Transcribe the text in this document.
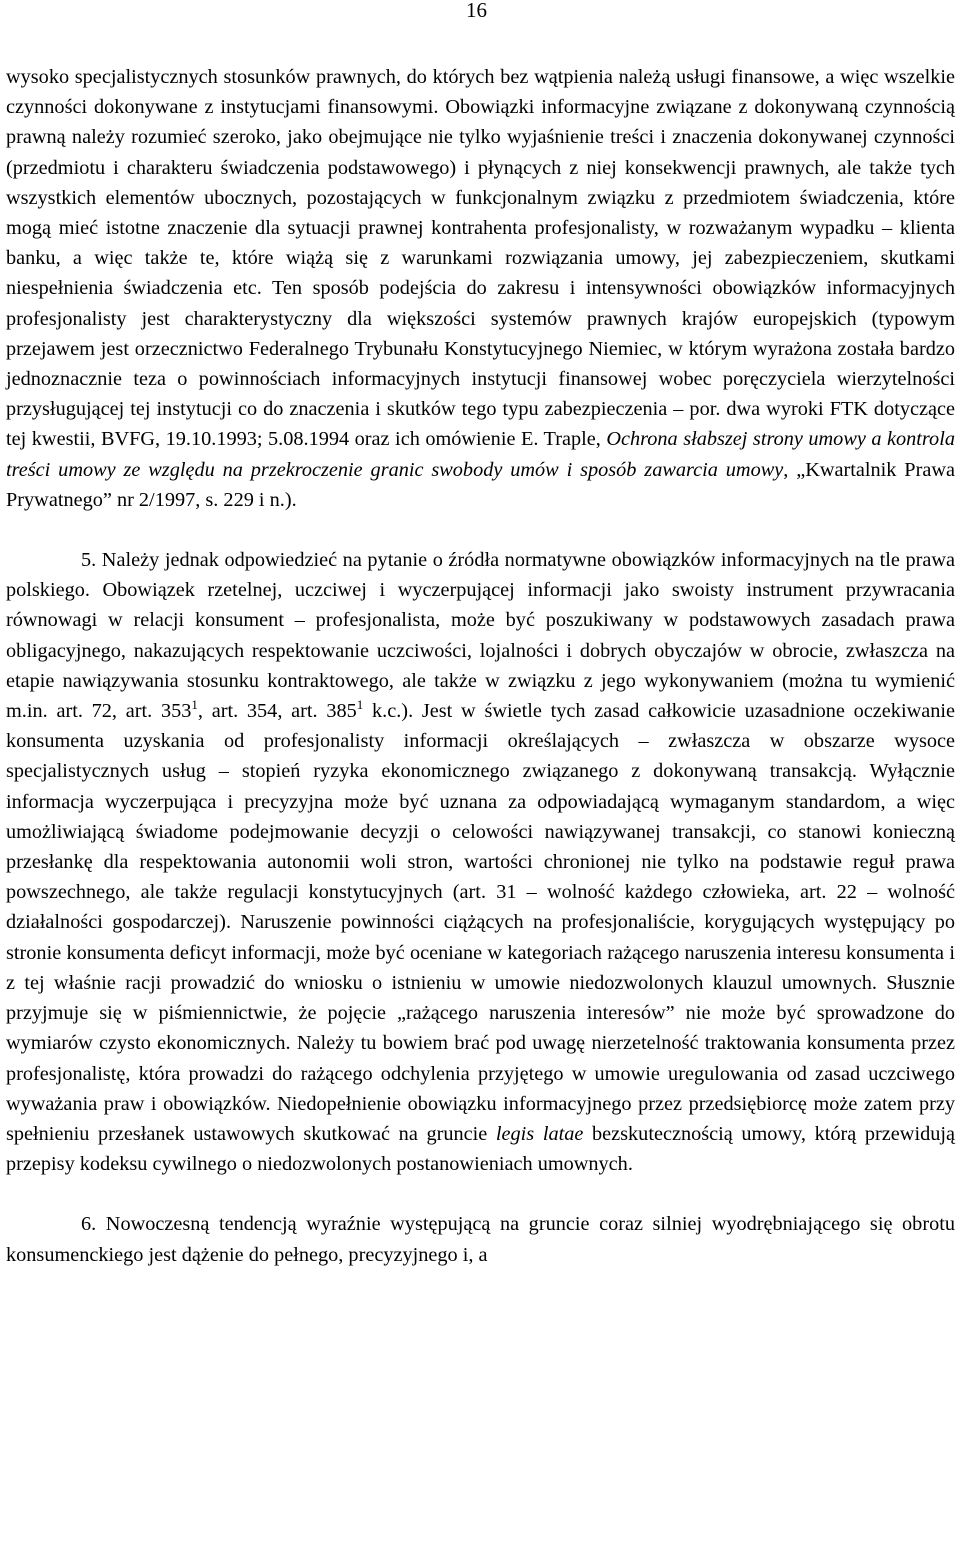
16

wysoko specjalistycznych stosunków prawnych, do których bez wątpienia należą usługi finansowe, a więc wszelkie czynności dokonywane z instytucjami finansowymi. Obowiązki informacyjne związane z dokonywaną czynnością prawną należy rozumieć szeroko, jako obejmujące nie tylko wyjaśnienie treści i znaczenia dokonywanej czynności (przedmiotu i charakteru świadczenia podstawowego) i płynących z niej konsekwencji prawnych, ale także tych wszystkich elementów ubocznych, pozostających w funkcjonalnym związku z przedmiotem świadczenia, które mogą mieć istotne znaczenie dla sytuacji prawnej kontrahenta profesjonalisty, w rozważanym wypadku – klienta banku, a więc także te, które wiążą się z warunkami rozwiązania umowy, jej zabezpieczeniem, skutkami niespełnienia świadczenia etc. Ten sposób podejścia do zakresu i intensywności obowiązków informacyjnych profesjonalisty jest charakterystyczny dla większości systemów prawnych krajów europejskich (typowym przejawem jest orzecznictwo Federalnego Trybunału Konstytucyjnego Niemiec, w którym wyrażona została bardzo jednoznacznie teza o powinnościach informacyjnych instytucji finansowej wobec poręczyciela wierzytelności przysługującej tej instytucji co do znaczenia i skutków tego typu zabezpieczenia – por. dwa wyroki FTK dotyczące tej kwestii, BVFG, 19.10.1993; 5.08.1994 oraz ich omówienie E. Traple, Ochrona słabszej strony umowy a kontrola treści umowy ze względu na przekroczenie granic swobody umów i sposób zawarcia umowy, „Kwartalnik Prawa Prywatnego” nr 2/1997, s. 229 i n.).

5. Należy jednak odpowiedzieć na pytanie o źródła normatywne obowiązków informacyjnych na tle prawa polskiego. Obowiązek rzetelnej, uczciwej i wyczerpującej informacji jako swoisty instrument przywracania równowagi w relacji konsument – profesjonalista, może być poszukiwany w podstawowych zasadach prawa obligacyjnego, nakazujących respektowanie uczciwości, lojalności i dobrych obyczajów w obrocie, zwłaszcza na etapie nawiązywania stosunku kontraktowego, ale także w związku z jego wykonywaniem (można tu wymienić m.in. art. 72, art. $353^1$, art. 354, art. $385^1$ k.c.). Jest w świetle tych zasad całkowicie uzasadnione oczekiwanie konsumenta uzyskania od profesjonalisty informacji określających – zwłaszcza w obszarze wysoce specjalistycznych usług – stopień ryzyka ekonomicznego związanego z dokonywaną transakcją. Wyłącznie informacja wyczerpująca i precyzyjna może być uznana za odpowiadającą wymaganym standardom, a więc umożliwiającą świadome podejmowanie decyzji o celowości nawiązywanej transakcji, co stanowi konieczną przesłankę dla respektowania autonomii woli stron, wartości chronionej nie tylko na podstawie reguł prawa powszechnego, ale także regulacji konstytucyjnych (art. 31 – wolność każdego człowieka, art. 22 – wolność działalności gospodarczej). Naruszenie powinności ciążących na profesjonaliście, korygujących występujący po stronie konsumenta deficyt informacji, może być oceniane w kategoriach rażącego naruszenia interesu konsumenta i z tej właśnie racji prowadzić do wniosku o istnieniu w umowie niedozwolonych klauzul umownych. Słusznie przyjmuje się w piśmiennictwie, że pojęcie „rażącego naruszenia interesów” nie może być sprowadzone do wymiarów czysto ekonomicznych. Należy tu bowiem brać pod uwagę nierzetelność traktowania konsumenta przez profesjonalistę, która prowadzi do rażącego odchylenia przyjętego w umowie uregulowania od zasad uczciwego wyważania praw i obowiązków. Niedopełnienie obowiązku informacyjnego przez przedsiębiorcę może zatem przy spełnieniu przesłanek ustawowych skutkować na gruncie legis latae bezskutecznością umowy, którą przewidują przepisy kodeksu cywilnego o niedozwolonych postanowieniach umownych.

6. Nowoczesną tendencją wyraźnie występującą na gruncie coraz silniej wyodrębniającego się obrotu konsumenckiego jest dążenie do pełnego, precyzyjnego i, a
